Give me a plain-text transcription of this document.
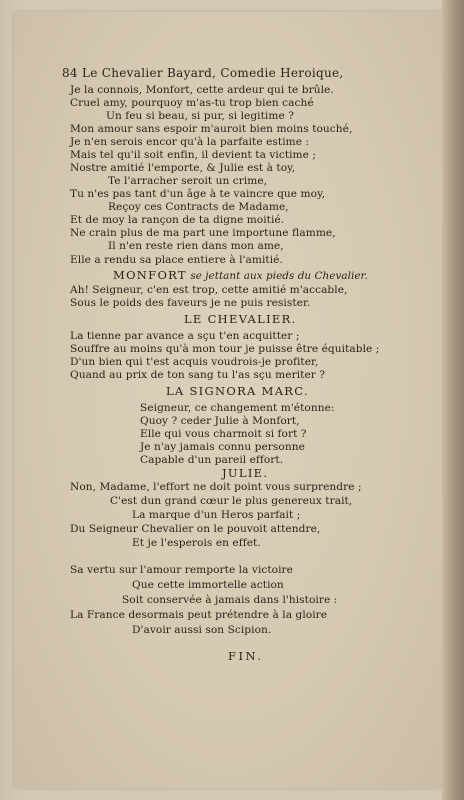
84 Le Chevalier Bayard, Comedie Heroique,
Je la connois, Monfort, cette ardeur qui te brûle.
Cruel amy, pourquoy m'as-tu trop bien caché
Un feu si beau, si pur, si legitime ?
Mon amour sans espoir m'auroit bien moins touché,
Je n'en serois encor qu'à la parfaite estime :
Mais tel qu'il soit enfin, il devient ta victime ;
Nostre amitié l'emporte, & Julie est à toy,
Te l'arracher seroit un crime,
Tu n'es pas tant d'un âge à te vaincre que moy,
Reçoy ces Contracts de Madame,
Et de moy la rançon de ta digne moitié.
Ne crain plus de ma part une importune flamme,
Il n'en reste rien dans mon ame,
Elle a rendu sa place entiere à l'amitié.
MONFORT se jettant aux pieds du Chevalier.
Ah! Seigneur, c'en est trop, cette amitié m'accable,
Sous le poids des faveurs je ne puis resister.
LE CHEVALIER.
La tienne par avance a sçu t'en acquitter ;
Souffre au moins qu'à mon tour je puisse être équitable ;
D'un bien qui t'est acquis voudrois-je profiter,
Quand au prix de ton sang tu l'as sçu meriter ?
LA SIGNORA MARC.
Seigneur, ce changement m'étonne:
Quoy ? ceder Julie à Monfort,
Elle qui vous charmoit si fort ?
Je n'ay jamais connu personne
Capable d'un pareil effort.
JULIE.
Non, Madame, l'effort ne doit point vous surprendre ;
C'est dun grand cœur le plus genereux trait,
La marque d'un Heros parfait ;
Du Seigneur Chevalier on le pouvoit attendre,
Et je l'esperois en effet.
Sa vertu sur l'amour remporte la victoire
Que cette immortelle action
Soit conservée à jamais dans l'histoire :
La France desormais peut prétendre à la gloire
D'avoir aussi son Scipion.
FIN.
